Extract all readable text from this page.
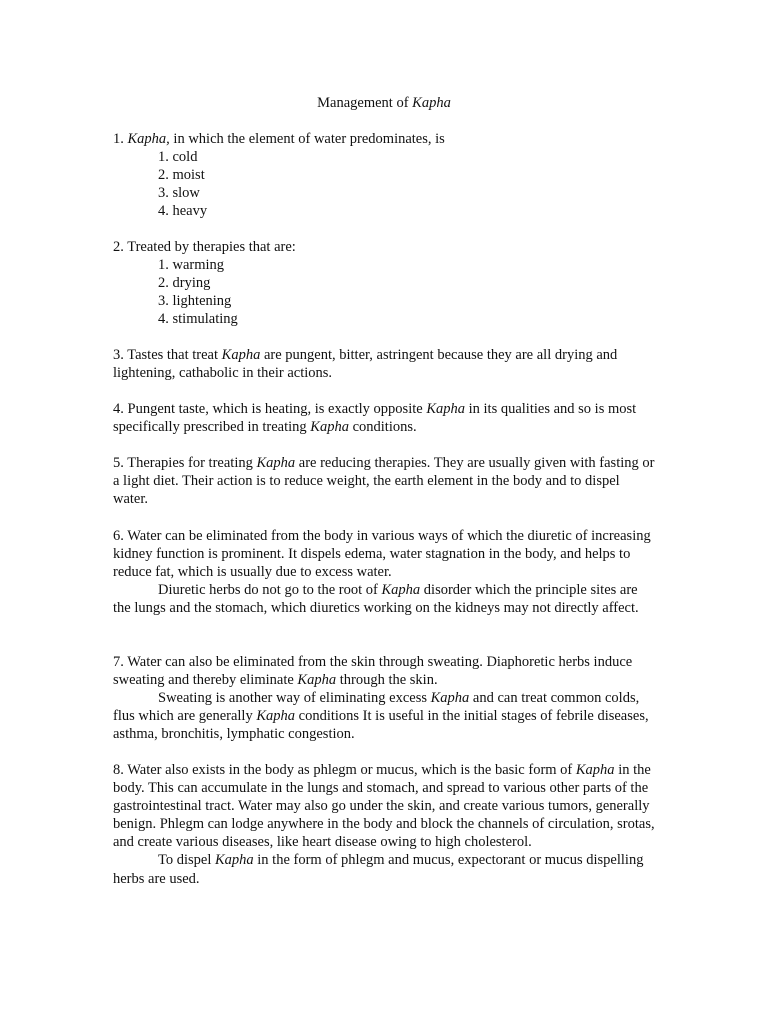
Management of Kapha

1. Kapha, in which the element of water predominates, is

1. cold

2. moist

3. slow

4. heavy

2. Treated by therapies that are:

1. warming

2. drying

3. lightening

4. stimulating

3. Tastes that treat Kapha are pungent, bitter, astringent because they are all drying and lightening, cathabolic in their actions.

4. Pungent taste, which is heating, is exactly opposite Kapha in its qualities and so is most specifically prescribed in treating Kapha conditions.

5. Therapies for treating Kapha are reducing therapies. They are usually given with fasting or a light diet. Their action is to reduce weight, the earth element in the body and to dispel water.

6. Water can be eliminated from the body in various ways of which the diuretic of increasing kidney function is prominent. It dispels edema, water stagnation in the body, and helps to reduce fat, which is usually due to excess water.

Diuretic herbs do not go to the root of Kapha disorder which the principle sites are the lungs and the stomach, which diuretics working on the kidneys may not directly affect.

7. Water can also be eliminated from the skin through sweating. Diaphoretic herbs induce sweating and thereby eliminate Kapha through the skin.

Sweating is another way of eliminating excess Kapha and can treat common colds, flus which are generally Kapha conditions It is useful in the initial stages of febrile diseases, asthma, bronchitis, lymphatic congestion.

8. Water also exists in the body as phlegm or mucus, which is the basic form of Kapha in the body. This can accumulate in the lungs and stomach, and spread to various other parts of the gastrointestinal tract. Water may also go under the skin, and create various tumors, generally benign. Phlegm can lodge anywhere in the body and block the channels of circulation, srotas, and create various diseases, like heart disease owing to high cholesterol.

To dispel Kapha in the form of phlegm and mucus, expectorant or mucus dispelling herbs are used.
